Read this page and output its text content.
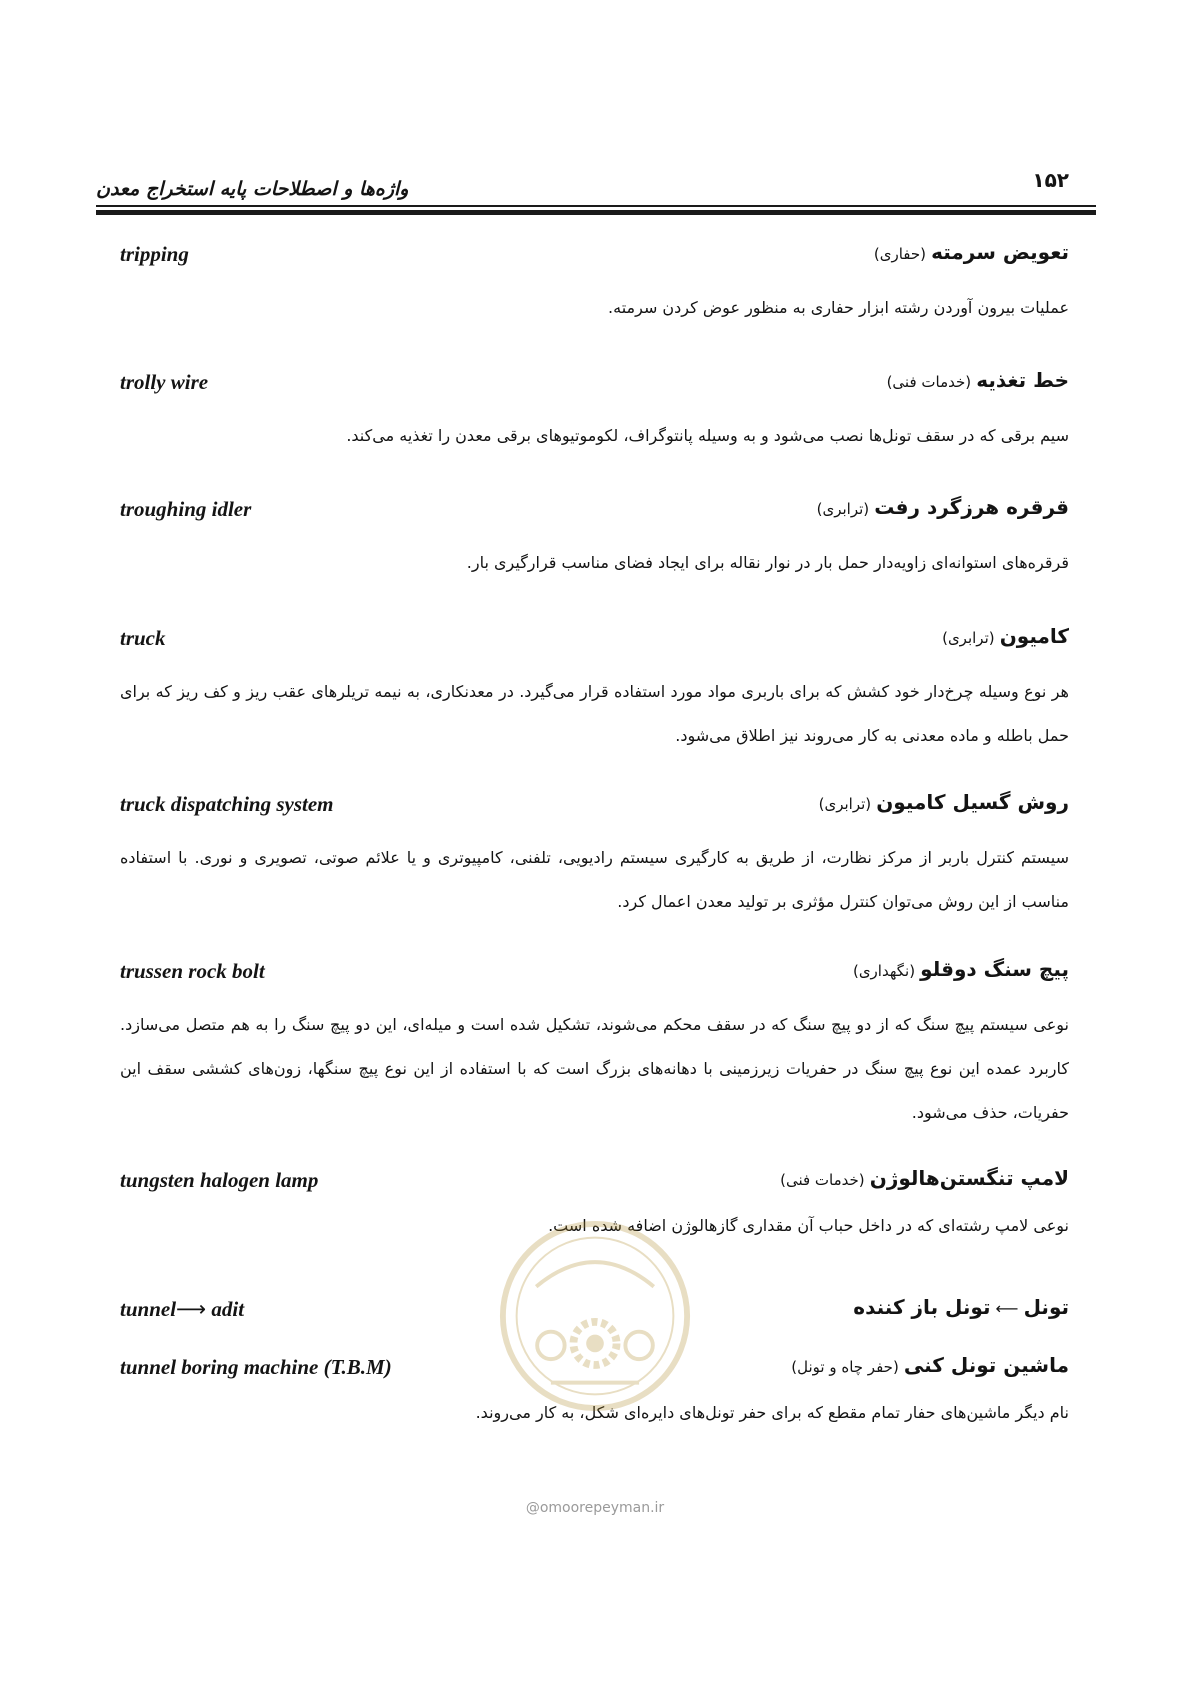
واژه‌ها و اصطلاحات پایه استخراج معدن	۱۵۲
tripping	تعویض سرمته (حفاری)
عملیات بیرون آوردن رشته ابزار حفاری به منظور عوض کردن سرمته.
trolly wire	خط تغذیه (خدمات فنی)
سیم برقی که در سقف تونل‌ها نصب می‌شود و به وسیله پانتوگراف، لکوموتیوهای برقی معدن را تغذیه می‌کند.
troughing idler	قرقره هرزگرد رفت (ترابری)
قرقره‌های استوانه‌ای زاویه‌دار حمل بار در نوار نقاله برای ایجاد فضای مناسب قرارگیری بار.
truck	کامیون (ترابری)
هر نوع وسیله چرخ‌دار خود کشش که برای باربری مواد مورد استفاده قرار می‌گیرد. در معدنکاری، به نیمه تریلرهای عقب ریز و کف ریز که برای حمل باطله و ماده معدنی به کار می‌روند نیز اطلاق می‌شود.
truck dispatching system	روش گسیل کامیون (ترابری)
سیستم کنترل باربر از مرکز نظارت، از طریق به کارگیری سیستم رادیویی، تلفنی، کامپیوتری و یا علائم صوتی، تصویری و نوری. با استفاده مناسب از این روش می‌توان کنترل مؤثری بر تولید معدن اعمال کرد.
trussen rock bolt	پیچ سنگ دوقلو (نگهداری)
نوعی سیستم پیچ سنگ که از دو پیچ سنگ که در سقف محکم می‌شوند، تشکیل شده است و میله‌ای، این دو پیچ سنگ را به هم متصل می‌سازد. کاربرد عمده این نوع پیچ سنگ در حفریات زیرزمینی با دهانه‌های بزرگ است که با استفاده از این نوع پیچ سنگها، زون‌های کششی سقف این حفریات، حذف می‌شود.
tungsten halogen lamp	لامپ تنگستن‌هالوژن (خدمات فنی)
نوعی لامپ رشته‌ای که در داخل حباب آن مقداری گازهالوژن اضافه شده است.
tunnel⟶ adit	تونل ⟵ تونل باز کننده
tunnel boring machine (T.B.M)	ماشین تونل کنی (حفر چاه و تونل)
نام دیگر ماشین‌های حفار تمام مقطع که برای حفر تونل‌های دایره‌ای شکل، به کار می‌روند.
@omoorepeyman.ir
